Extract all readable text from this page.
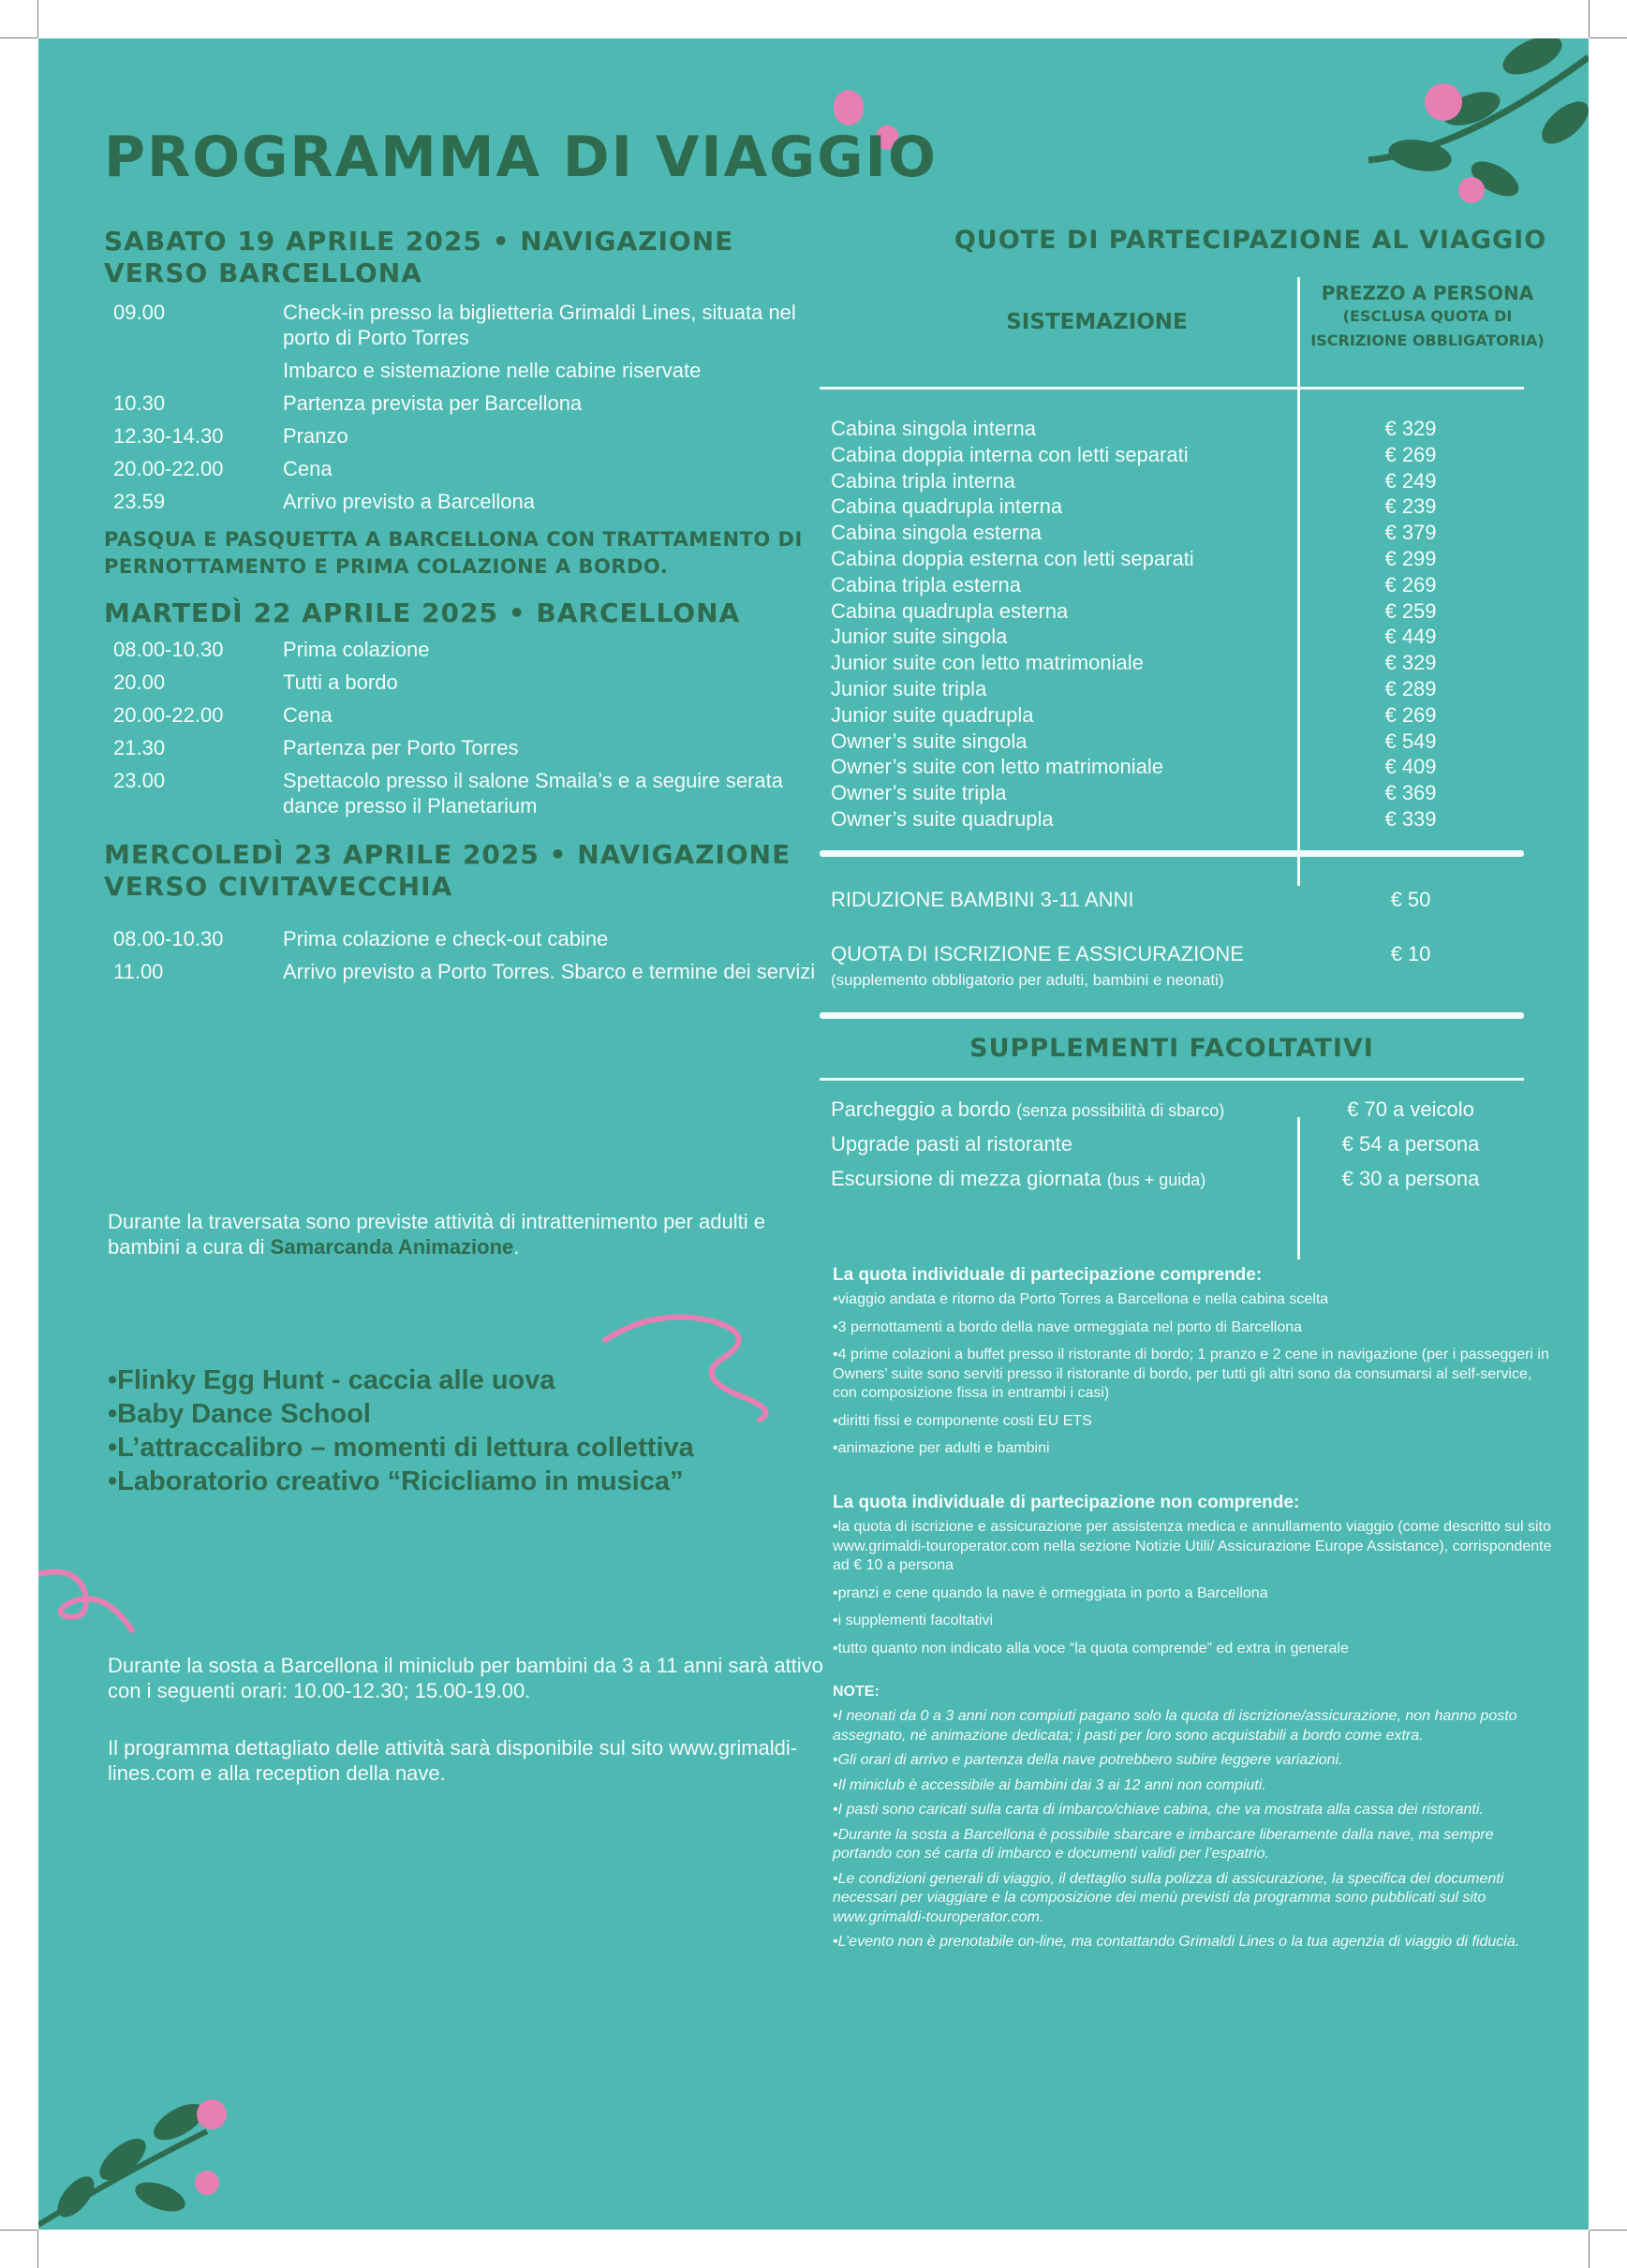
PROGRAMMA DI VIAGGIO
SABATO 19 APRILE 2025 • NAVIGAZIONE VERSO BARCELLONA
09.00	Check-in presso la biglietteria Grimaldi Lines, situata nel porto di Porto Torres
Imbarco e sistemazione nelle cabine riservate
10.30	Partenza prevista per Barcellona
12.30-14.30	Pranzo
20.00-22.00	Cena
23.59	Arrivo previsto a Barcellona
PASQUA E PASQUETTA A BARCELLONA CON TRATTAMENTO DI PERNOTTAMENTO E PRIMA COLAZIONE A BORDO.
MARTEDÌ 22 APRILE 2025 • BARCELLONA
08.00-10.30	Prima colazione
20.00	Tutti a bordo
20.00-22.00	Cena
21.30	Partenza per Porto Torres
23.00	Spettacolo presso il salone Smaila’s e a seguire serata dance presso il Planetarium
MERCOLEDÌ 23 APRILE 2025 • NAVIGAZIONE VERSO CIVITAVECCHIA
08.00-10.30	Prima colazione e check-out cabine
11.00	Arrivo previsto a Porto Torres. Sbarco e termine dei servizi
Durante la traversata sono previste attività di intrattenimento per adulti e bambini a cura di Samarcanda Animazione.
• Flinky Egg Hunt - caccia alle uova
• Baby Dance School
• L’attraccalibro – momenti di lettura collettiva
• Laboratorio creativo “Ricicliamo in musica”
Durante la sosta a Barcellona il miniclub per bambini da 3 a 11 anni sarà attivo con i seguenti orari: 10.00-12.30; 15.00-19.00.
Il programma dettagliato delle attività sarà disponibile sul sito www.grimaldi-lines.com e alla reception della nave.
QUOTE DI PARTECIPAZIONE AL VIAGGIO
SISTEMAZIONE
PREZZO A PERSONA
(ESCLUSA QUOTA DI ISCRIZIONE OBBLIGATORIA)
Cabina singola interna	€ 329
Cabina doppia interna con letti separati	€ 269
Cabina tripla interna	€ 249
Cabina quadrupla interna	€ 239
Cabina singola esterna	€ 379
Cabina doppia esterna con letti separati	€ 299
Cabina tripla esterna	€ 269
Cabina quadrupla esterna	€ 259
Junior suite singola	€ 449
Junior suite con letto matrimoniale	€ 329
Junior suite tripla	€ 289
Junior suite quadrupla	€ 269
Owner’s suite singola	€ 549
Owner’s suite con letto matrimoniale	€ 409
Owner’s suite tripla	€ 369
Owner’s suite quadrupla	€ 339
RIDUZIONE BAMBINI 3-11 ANNI	€ 50
QUOTA DI ISCRIZIONE E ASSICURAZIONE
(supplemento obbligatorio per adulti, bambini e neonati)
€ 10
SUPPLEMENTI FACOLTATIVI
Parcheggio a bordo (senza possibilità di sbarco)	€ 70 a veicolo
Upgrade pasti al ristorante	€ 54 a persona
Escursione di mezza giornata (bus + guida)	€ 30 a persona
La quota individuale di partecipazione comprende:
• viaggio andata e ritorno da Porto Torres a Barcellona e nella cabina scelta
• 3 pernottamenti a bordo della nave ormeggiata nel porto di Barcellona
• 4 prime colazioni a buffet presso il ristorante di bordo; 1 pranzo e 2 cene in navigazione (per i passeggeri in Owners’ suite sono serviti presso il ristorante di bordo, per tutti gli altri sono da consumarsi al self-service, con composizione fissa in entrambi i casi)
• diritti fissi e componente costi EU ETS
• animazione per adulti e bambini
La quota individuale di partecipazione non comprende:
• la quota di iscrizione e assicurazione per assistenza medica e annullamento viaggio (come descritto sul sito www.grimaldi-touroperator.com nella sezione Notizie Utili/ Assicurazione Europe Assistance), corrispondente ad € 10 a persona
• pranzi e cene quando la nave è ormeggiata in porto a Barcellona
• i supplementi facoltativi
• tutto quanto non indicato alla voce “la quota comprende” ed extra in generale
NOTE:
• I neonati da 0 a 3 anni non compiuti pagano solo la quota di iscrizione/assicurazione, non hanno posto assegnato, né animazione dedicata; i pasti per loro sono acquistabili a bordo come extra.
• Gli orari di arrivo e partenza della nave potrebbero subire leggere variazioni.
• Il miniclub è accessibile ai bambini dai 3 ai 12 anni non compiuti.
• I pasti sono caricati sulla carta di imbarco/chiave cabina, che va mostrata alla cassa dei ristoranti.
• Durante la sosta a Barcellona è possibile sbarcare e imbarcare liberamente dalla nave, ma sempre portando con sé carta di imbarco e documenti validi per l’espatrio.
• Le condizioni generali di viaggio, il dettaglio sulla polizza di assicurazione, la specifica dei documenti necessari per viaggiare e la composizione dei menù previsti da programma sono pubblicati sul sito www.grimaldi-touroperator.com.
• L’evento non è prenotabile on-line, ma contattando Grimaldi Lines o la tua agenzia di viaggio di fiducia.
